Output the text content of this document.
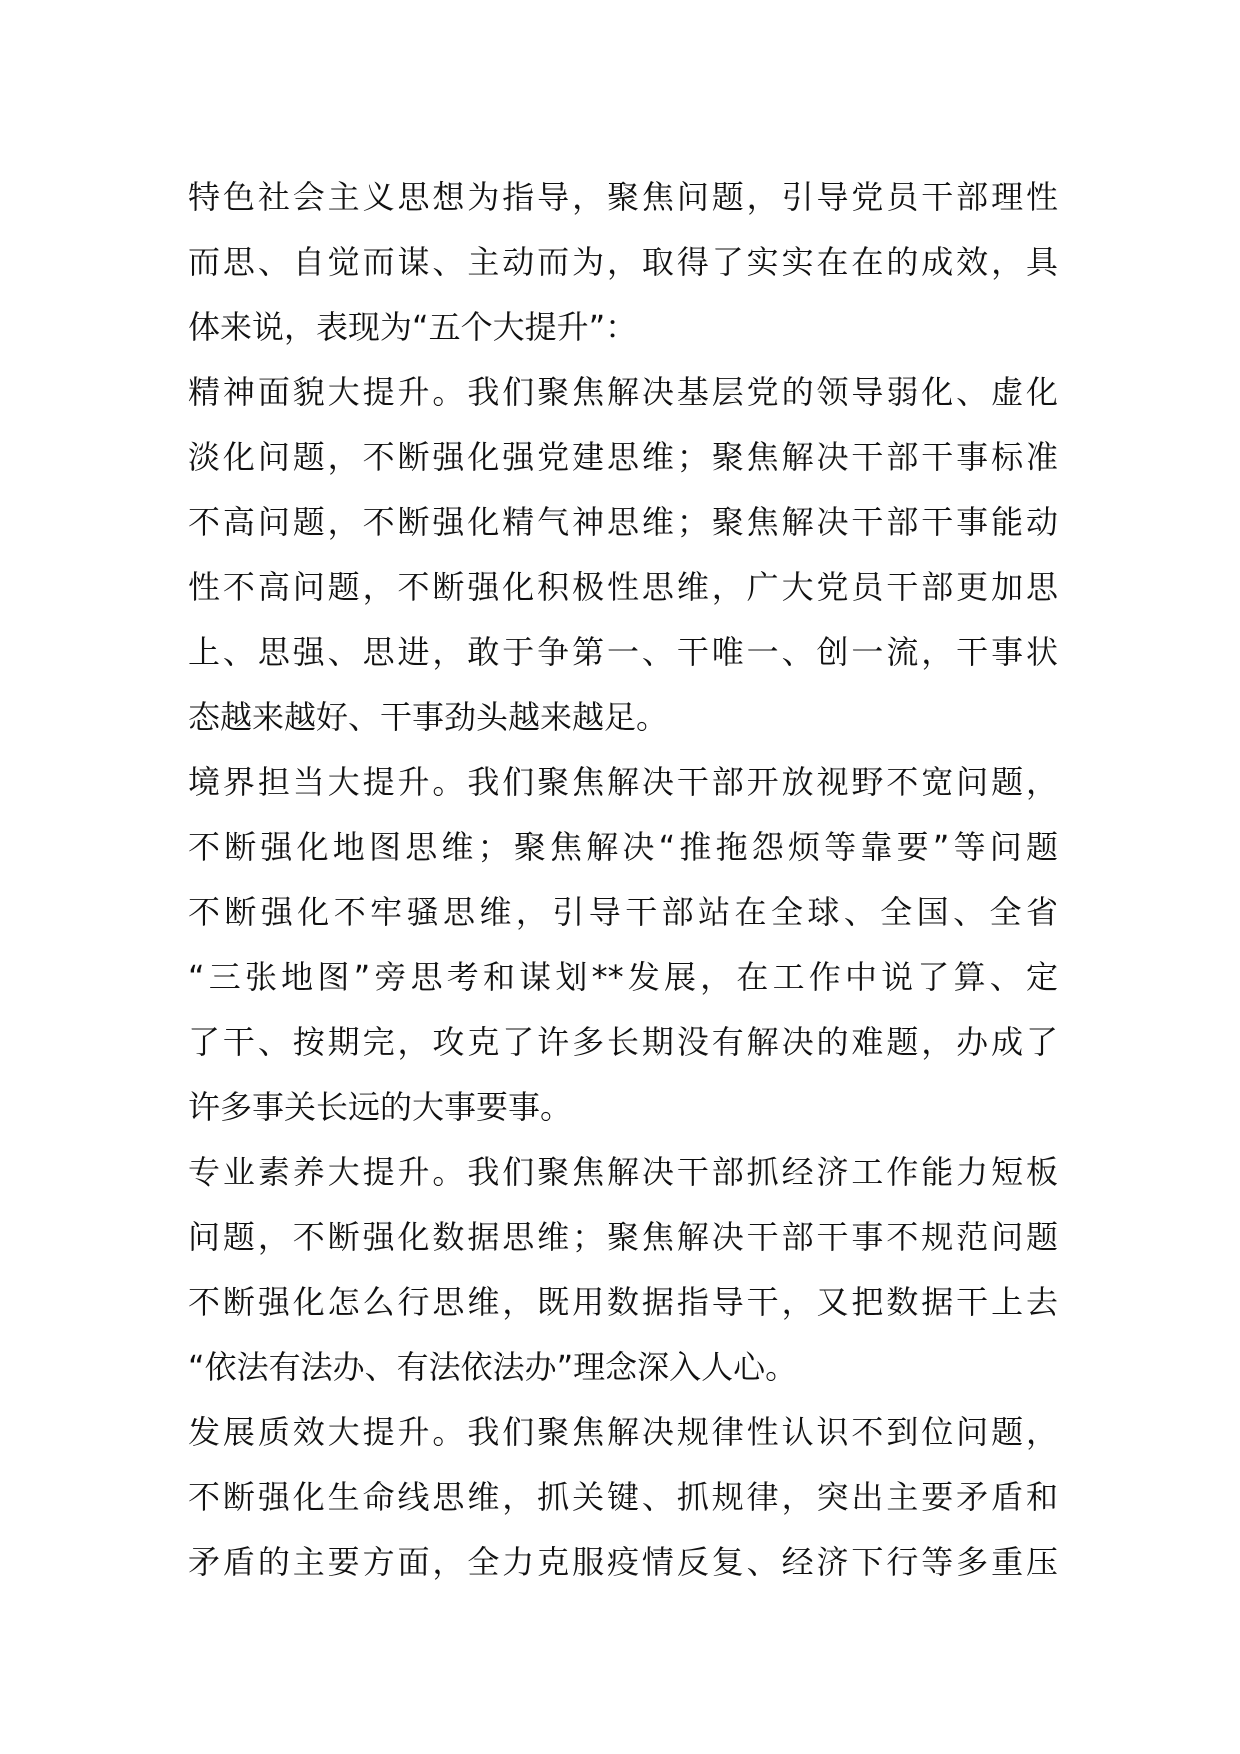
特色社会主义思想为指导，聚焦问题，引导党员干部理性
而思、自觉而谋、主动而为，取得了实实在在的成效，具
体来说，表现为“五个大提升”：
精神面貌大提升。我们聚焦解决基层党的领导弱化、虚化
淡化问题，不断强化强党建思维；聚焦解决干部干事标准
不高问题，不断强化精气神思维；聚焦解决干部干事能动
性不高问题，不断强化积极性思维，广大党员干部更加思
上、思强、思进，敢于争第一、干唯一、创一流，干事状
态越来越好、干事劲头越来越足。
境界担当大提升。我们聚焦解决干部开放视野不宽问题，
不断强化地图思维；聚焦解决“推拖怨烦等靠要”等问题
不断强化不牢骚思维，引导干部站在全球、全国、全省
“三张地图”旁思考和谋划**发展，在工作中说了算、定
了干、按期完，攻克了许多长期没有解决的难题，办成了
许多事关长远的大事要事。
专业素养大提升。我们聚焦解决干部抓经济工作能力短板
问题，不断强化数据思维；聚焦解决干部干事不规范问题
不断强化怎么行思维，既用数据指导干，又把数据干上去
“依法有法办、有法依法办”理念深入人心。
发展质效大提升。我们聚焦解决规律性认识不到位问题，
不断强化生命线思维，抓关键、抓规律，突出主要矛盾和
矛盾的主要方面，全力克服疫情反复、经济下行等多重压
